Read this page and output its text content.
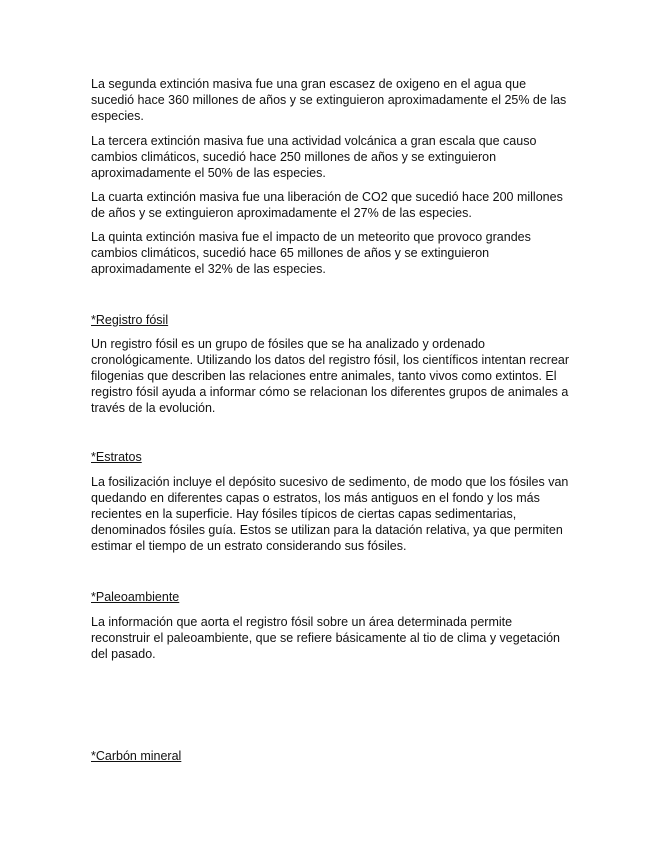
La segunda extinción masiva fue una gran escasez de oxigeno en el agua que sucedió hace 360 millones de años y se extinguieron aproximadamente el 25% de las especies.

La tercera extinción masiva fue una actividad volcánica a gran escala que causo cambios climáticos, sucedió hace 250 millones de años y se extinguieron aproximadamente el 50% de las especies.

La cuarta extinción masiva fue una liberación de CO2 que sucedió hace 200 millones de años y se extinguieron aproximadamente el 27% de las especies.

La quinta extinción masiva fue el impacto de un meteorito que provoco grandes cambios climáticos, sucedió hace 65 millones de años y se extinguieron aproximadamente el 32% de las especies.

*Registro fósil

Un registro fósil es un grupo de fósiles que se ha analizado y ordenado cronológicamente. Utilizando los datos del registro fósil, los científicos intentan recrear filogenias que describen las relaciones entre animales, tanto vivos como extintos. El registro fósil ayuda a informar cómo se relacionan los diferentes grupos de animales a través de la evolución.

*Estratos

La fosilización incluye el depósito sucesivo de sedimento, de modo que los fósiles van quedando en diferentes capas o estratos, los más antiguos en el fondo y los más recientes en la superficie. Hay fósiles típicos de ciertas capas sedimentarias, denominados fósiles guía. Estos se utilizan para la datación relativa, ya que permiten estimar el tiempo de un estrato considerando sus fósiles.

*Paleoambiente

La información que aorta el registro fósil sobre un área determinada permite reconstruir el paleoambiente, que se refiere básicamente al tio de clima y vegetación del pasado.

*Carbón mineral
